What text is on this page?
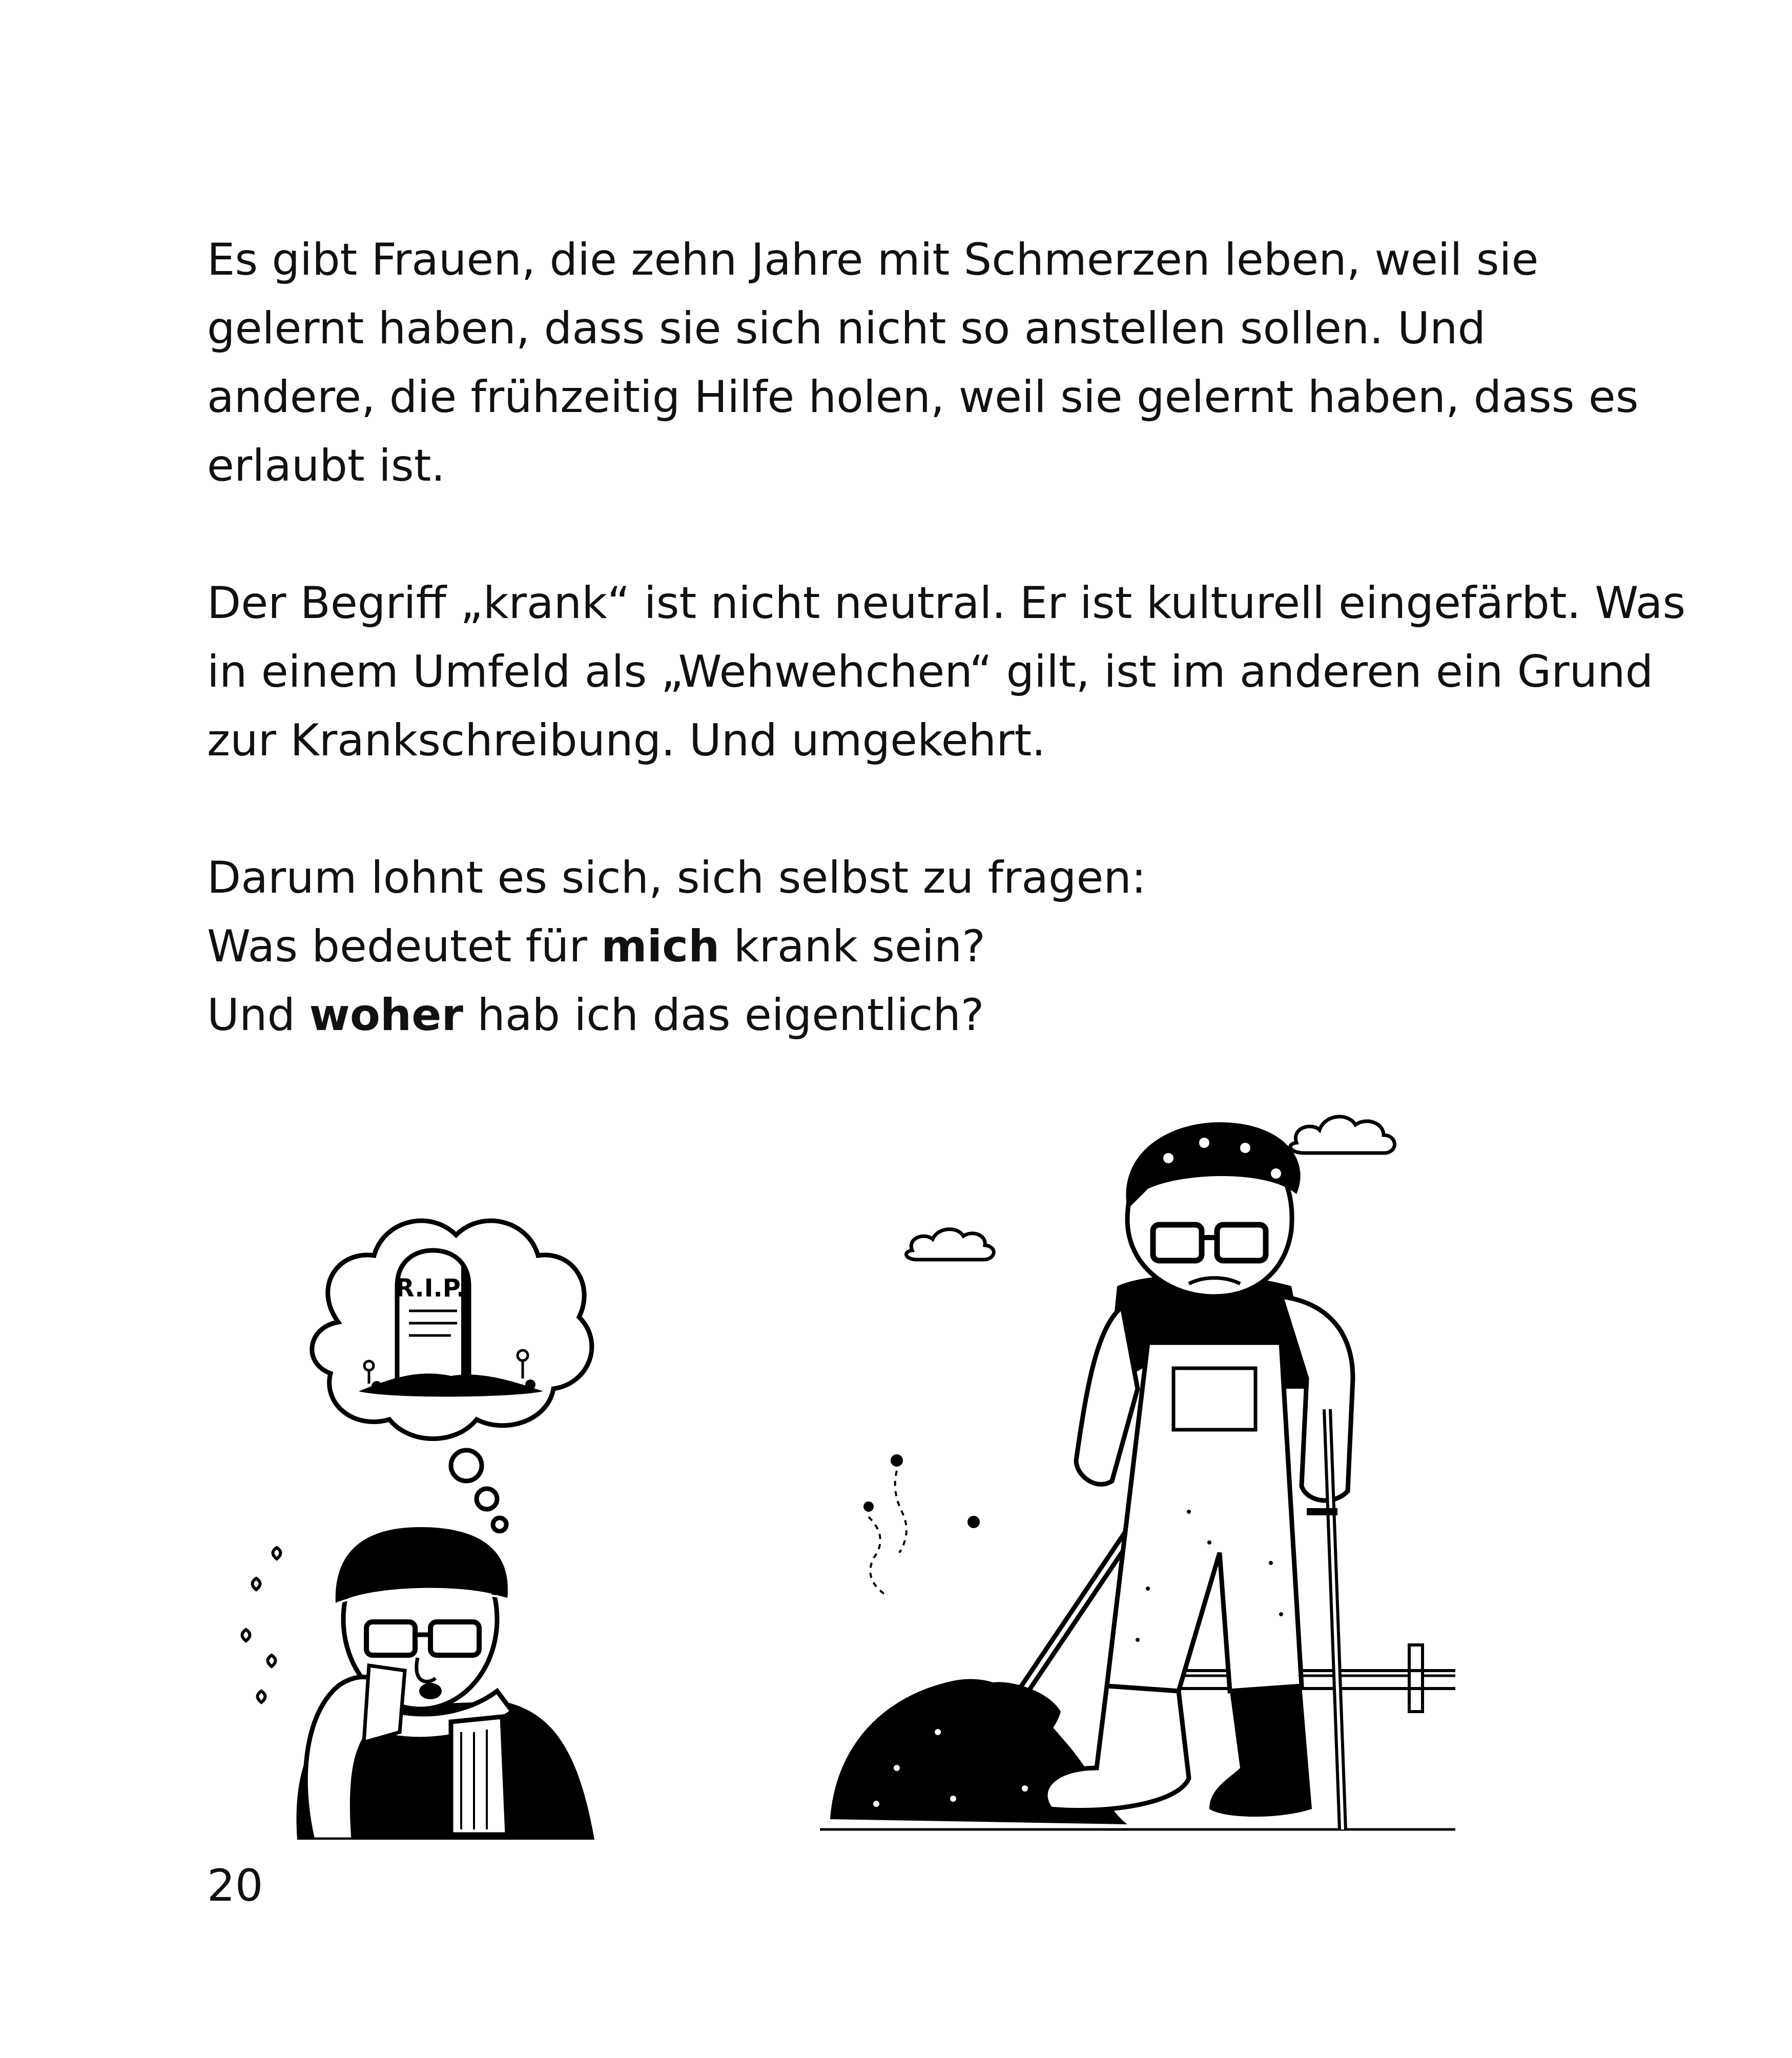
Es gibt Frauen, die zehn Jahre mit Schmerzen leben, weil sie
gelernt haben, dass sie sich nicht so anstellen sollen. Und
andere, die frühzeitig Hilfe holen, weil sie gelernt haben, dass es
erlaubt ist.

Der Begriff „krank“ ist nicht neutral. Er ist kulturell eingefärbt. Was
in einem Umfeld als „Wehwehchen“ gilt, ist im anderen ein Grund
zur Krankschreibung. Und umgekehrt.

Darum lohnt es sich, sich selbst zu fragen:
Was bedeutet für mich krank sein?
Und woher hab ich das eigentlich?

R.I.P.
20
